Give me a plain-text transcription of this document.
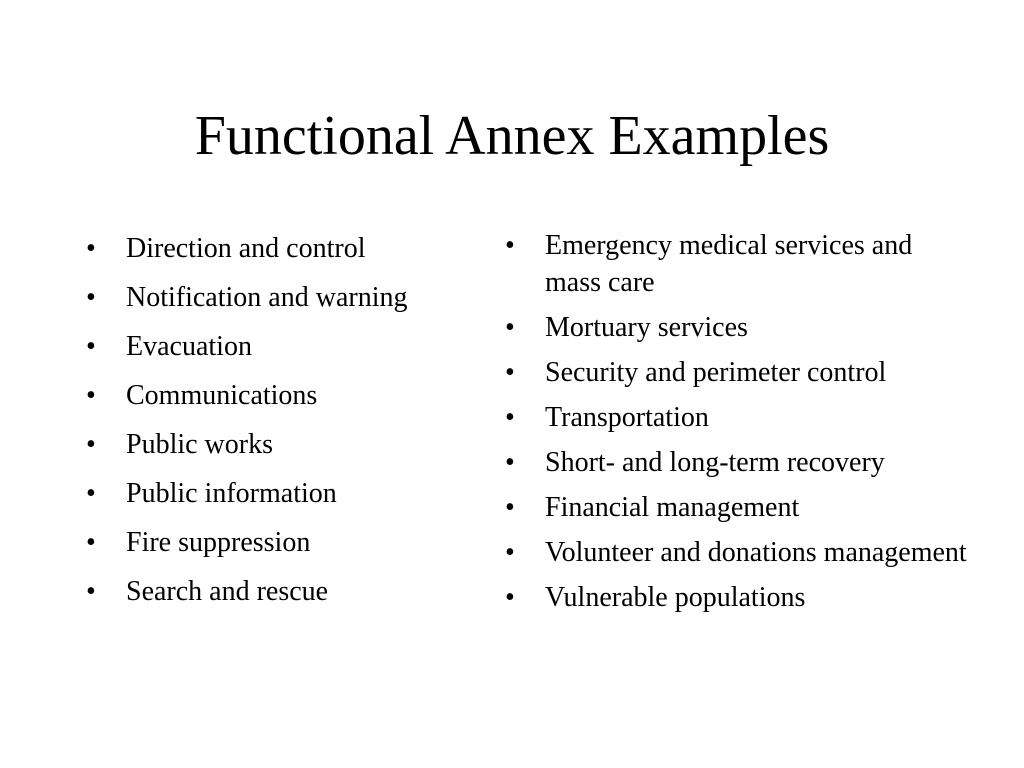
Functional Annex Examples
•	Direction and control
•	Notification and warning
•	Evacuation
•	Communications
•	Public works
•	Public information
•	Fire suppression
•	Search and rescue
•	Emergency medical services and mass care
•	Mortuary services
•	Security and perimeter control
•	Transportation
•	Short- and long-term recovery
•	Financial management
•	Volunteer and donations management
•	Vulnerable populations
